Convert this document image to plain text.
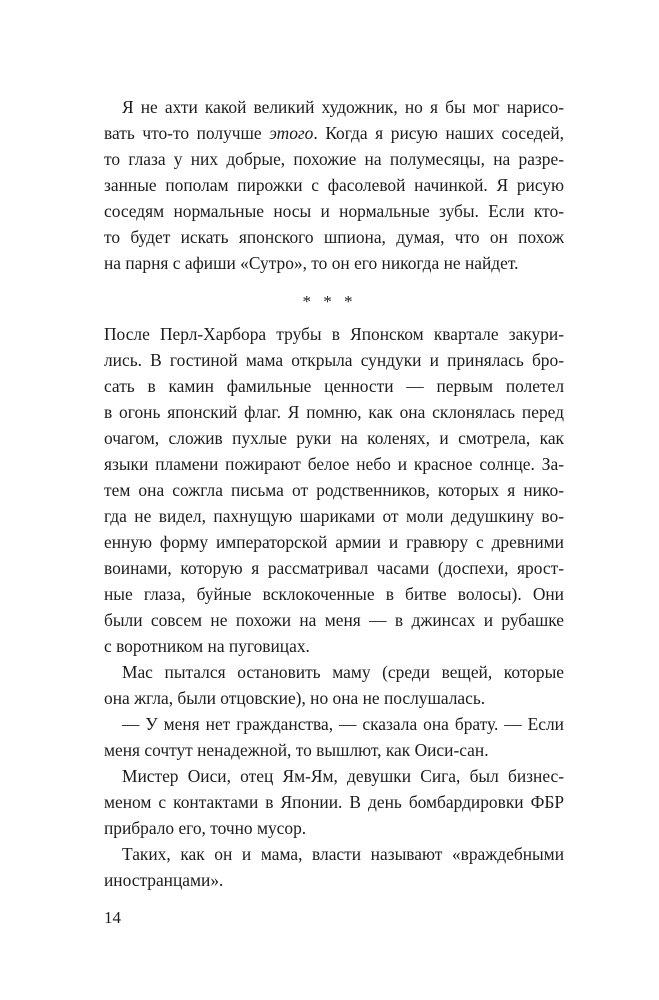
Я не ахти какой великий художник, но я бы мог нарисо-
вать что-то получше этого. Когда я рисую наших соседей,
то глаза у них добрые, похожие на полумесяцы, на разре-
занные пополам пирожки с фасолевой начинкой. Я рисую
соседям нормальные носы и нормальные зубы. Если кто-
то будет искать японского шпиона, думая, что он похож
на парня с афиши «Сутро», то он его никогда не найдет.
* * *
После Перл-Харбора трубы в Японском квартале закури-
лись. В гостиной мама открыла сундуки и принялась бро-
сать в камин фамильные ценности — первым полетел
в огонь японский флаг. Я помню, как она склонялась перед
очагом, сложив пухлые руки на коленях, и смотрела, как
языки пламени пожирают белое небо и красное солнце. За-
тем она сожгла письма от родственников, которых я нико-
гда не видел, пахнущую шариками от моли дедушкину во-
енную форму императорской армии и гравюру с древними
воинами, которую я рассматривал часами (доспехи, ярост-
ные глаза, буйные всклокоченные в битве волосы). Они
были совсем не похожи на меня — в джинсах и рубашке
с воротником на пуговицах.
Мас пытался остановить маму (среди вещей, которые
она жгла, были отцовские), но она не послушалась.
— У меня нет гражданства, — сказала она брату. — Если
меня сочтут ненадежной, то вышлют, как Оиси-сан.
Мистер Оиси, отец Ям-Ям, девушки Сига, был бизнес-
меном с контактами в Японии. В день бомбардировки ФБР
прибрало его, точно мусор.
Таких, как он и мама, власти называют «враждебными
иностранцами».
14
